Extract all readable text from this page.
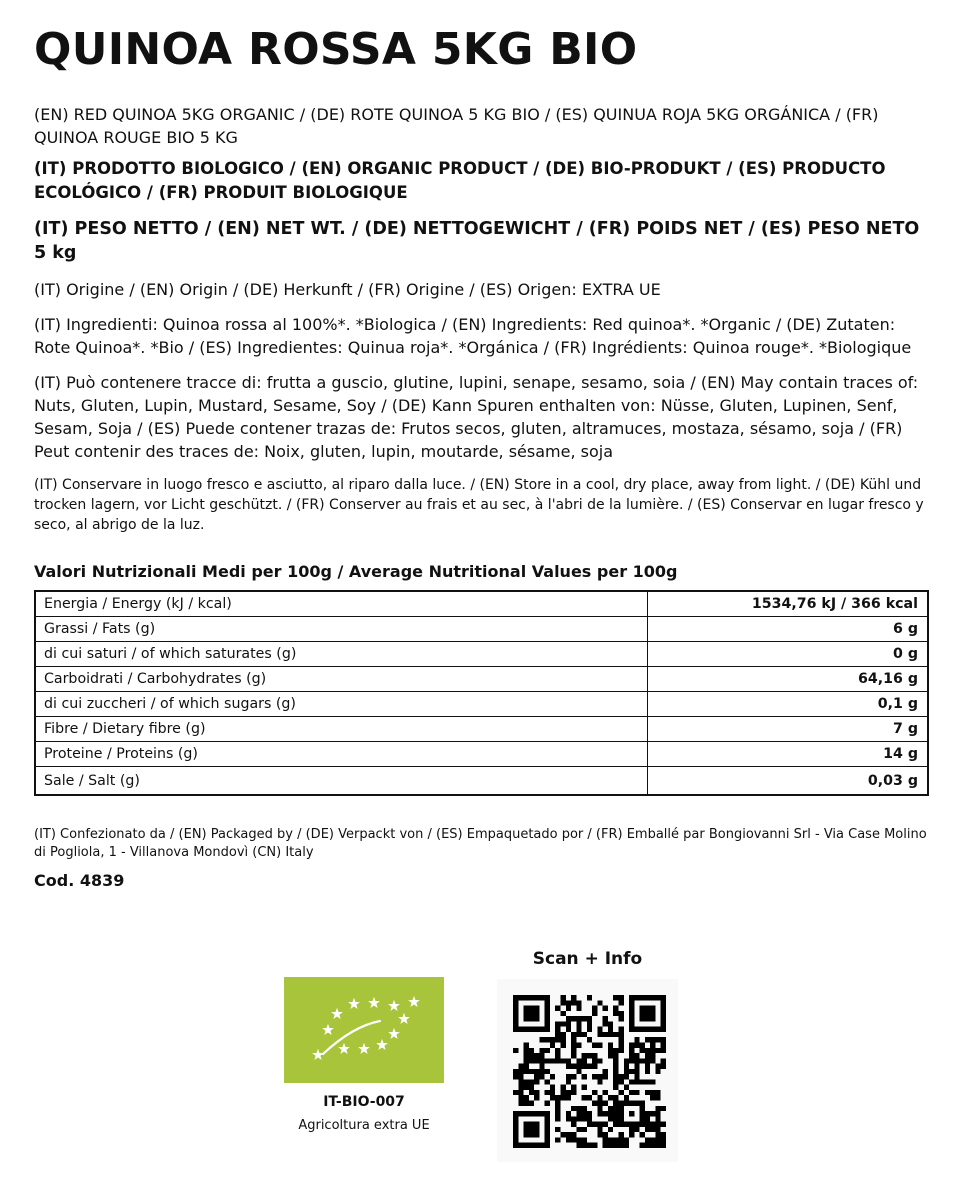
QUINOA ROSSA 5KG BIO

(EN) RED QUINOA 5KG ORGANIC / (DE) ROTE QUINOA 5 KG BIO / (ES) QUINUA ROJA 5KG ORGÁNICA / (FR) QUINOA ROUGE BIO 5 KG

(IT) PRODOTTO BIOLOGICO / (EN) ORGANIC PRODUCT / (DE) BIO-PRODUKT / (ES) PRODUCTO ECOLÓGICO / (FR) PRODUIT BIOLOGIQUE

(IT) PESO NETTO / (EN) NET WT. / (DE) NETTOGEWICHT / (FR) POIDS NET / (ES) PESO NETO 5 kg

(IT) Origine / (EN) Origin / (DE) Herkunft / (FR) Origine / (ES) Origen: EXTRA UE

(IT) Ingredienti: Quinoa rossa al 100%*. *Biologica / (EN) Ingredients: Red quinoa*. *Organic / (DE) Zutaten: Rote Quinoa*. *Bio / (ES) Ingredientes: Quinua roja*. *Orgánica / (FR) Ingrédients: Quinoa rouge*. *Biologique

(IT) Può contenere tracce di: frutta a guscio, glutine, lupini, senape, sesamo, soia / (EN) May contain traces of: Nuts, Gluten, Lupin, Mustard, Sesame, Soy / (DE) Kann Spuren enthalten von: Nüsse, Gluten, Lupinen, Senf, Sesam, Soja / (ES) Puede contener trazas de: Frutos secos, gluten, altramuces, mostaza, sésamo, soja / (FR) Peut contenir des traces de: Noix, gluten, lupin, moutarde, sésame, soja

(IT) Conservare in luogo fresco e asciutto, al riparo dalla luce. / (EN) Store in a cool, dry place, away from light. / (DE) Kühl und trocken lagern, vor Licht geschützt. / (FR) Conserver au frais et au sec, à l'abri de la lumière. / (ES) Conservar en lugar fresco y seco, al abrigo de la luz.

Valori Nutrizionali Medi per 100g / Average Nutritional Values per 100g
Energia / Energy (kJ / kcal)	1534,76 kJ / 366 kcal
Grassi / Fats (g)	6 g
di cui saturi / of which saturates (g)	0 g
Carboidrati / Carbohydrates (g)	64,16 g
di cui zuccheri / of which sugars (g)	0,1 g
Fibre / Dietary fibre (g)	7 g
Proteine / Proteins (g)	14 g
Sale / Salt (g)	0,03 g

(IT) Confezionato da / (EN) Packaged by / (DE) Verpackt von / (ES) Empaquetado por / (FR) Emballé par Bongiovanni Srl - Via Case Molino di Pogliola, 1 - Villanova Mondovì (CN) Italy

Cod. 4839

IT-BIO-007
Agricoltura extra UE
Scan + Info
